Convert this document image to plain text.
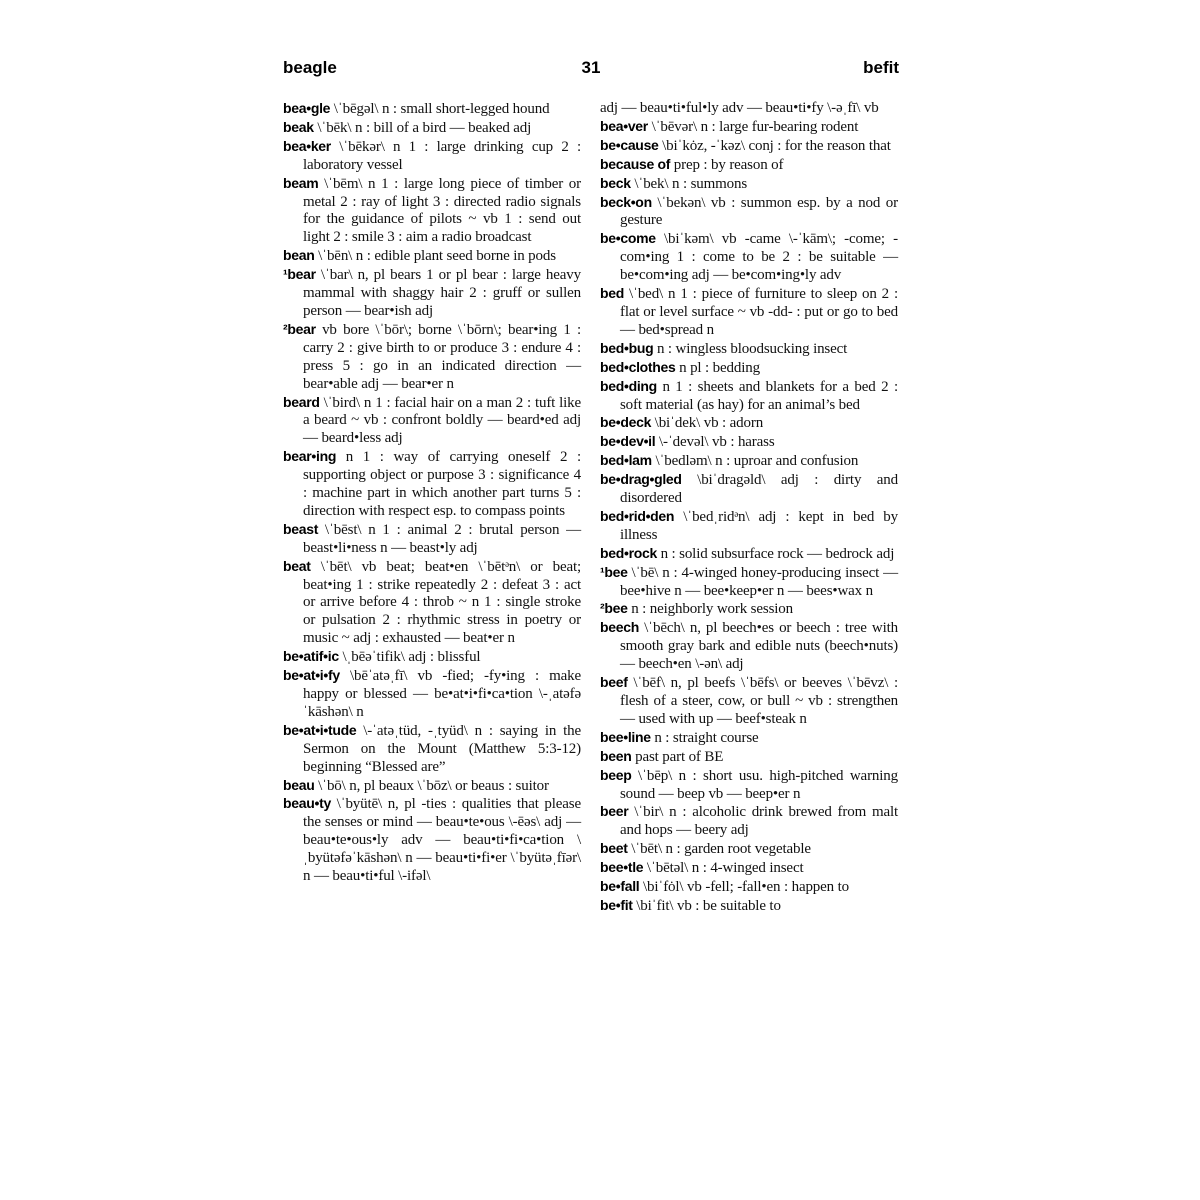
beagle	31	befit

bea•gle \ˈbēgəl\ n : small short-legged hound

beak \ˈbēk\ n : bill of a bird — beaked adj

bea•ker \ˈbēkər\ n 1 : large drinking cup 2 : laboratory vessel

beam \ˈbēm\ n 1 : large long piece of timber or metal 2 : ray of light 3 : directed radio signals for the guidance of pilots ~ vb 1 : send out light 2 : smile 3 : aim a radio broadcast

bean \ˈbēn\ n : edible plant seed borne in pods

¹bear \ˈbar\ n, pl bears 1 or pl bear : large heavy mammal with shaggy hair 2 : gruff or sullen person — bear•ish adj

²bear vb bore \ˈbōr\; borne \ˈbōrn\; bear•ing 1 : carry 2 : give birth to or produce 3 : endure 4 : press 5 : go in an indicated direction — bear•able adj — bear•er n

beard \ˈbird\ n 1 : facial hair on a man 2 : tuft like a beard ~ vb : confront boldly — beard•ed adj — beard•less adj

bear•ing n 1 : way of carrying oneself 2 : supporting object or purpose 3 : significance 4 : machine part in which another part turns 5 : direction with respect esp. to compass points

beast \ˈbēst\ n 1 : animal 2 : brutal person — beast•li•ness n — beast•ly adj

beat \ˈbēt\ vb beat; beat•en \ˈbētᵊn\ or beat; beat•ing 1 : strike repeatedly 2 : defeat 3 : act or arrive before 4 : throb ~ n 1 : single stroke or pulsation 2 : rhythmic stress in poetry or music ~ adj : exhausted — beat•er n

be•atif•ic \ˌbēəˈtifik\ adj : blissful

be•at•i•fy \bēˈatəˌfī\ vb -fied; -fy•ing : make happy or blessed — be•at•i•fi•ca•tion \-ˌatəfəˈkāshən\ n

be•at•i•tude \-ˈatəˌtüd, -ˌtyüd\ n : saying in the Sermon on the Mount (Matthew 5:3-12) beginning “Blessed are”

beau \ˈbō\ n, pl beaux \ˈbōz\ or beaus : suitor

beau•ty \ˈbyütē\ n, pl -ties : qualities that please the senses or mind — beau•te•ous \-ēəs\ adj — beau•te•ous•ly adv — beau•ti•fi•ca•tion \ˌbyütəfəˈkāshən\ n — beau•ti•fi•er \ˈbyütəˌfīər\ n — beau•ti•ful \-ifəl\

adj — beau•ti•ful•ly adv — beau•ti•fy \-əˌfī\ vb

bea•ver \ˈbēvər\ n : large fur-bearing rodent

be•cause \biˈkȯz, -ˈkəz\ conj : for the reason that

because of prep : by reason of

beck \ˈbek\ n : summons

beck•on \ˈbekən\ vb : summon esp. by a nod or gesture

be•come \biˈkəm\ vb -came \-ˈkām\; -come; -com•ing 1 : come to be 2 : be suitable — be•com•ing adj — be•com•ing•ly adv

bed \ˈbed\ n 1 : piece of furniture to sleep on 2 : flat or level surface ~ vb -dd- : put or go to bed — bed•spread n

bed•bug n : wingless bloodsucking insect

bed•clothes n pl : bedding

bed•ding n 1 : sheets and blankets for a bed 2 : soft material (as hay) for an animal’s bed

be•deck \biˈdek\ vb : adorn

be•dev•il \-ˈdevəl\ vb : harass

bed•lam \ˈbedləm\ n : uproar and confusion

be•drag•gled \biˈdragəld\ adj : dirty and disordered

bed•rid•den \ˈbedˌridᵊn\ adj : kept in bed by illness

bed•rock n : solid subsurface rock — bedrock adj

¹bee \ˈbē\ n : 4-winged honey-producing insect — bee•hive n — bee•keep•er n — bees•wax n

²bee n : neighborly work session

beech \ˈbēch\ n, pl beech•es or beech : tree with smooth gray bark and edible nuts (beech•nuts) — beech•en \-ən\ adj

beef \ˈbēf\ n, pl beefs \ˈbēfs\ or beeves \ˈbēvz\ : flesh of a steer, cow, or bull ~ vb : strengthen — used with up — beef•steak n

bee•line n : straight course

been past part of BE

beep \ˈbēp\ n : short usu. high-pitched warning sound — beep vb — beep•er n

beer \ˈbir\ n : alcoholic drink brewed from malt and hops — beery adj

beet \ˈbēt\ n : garden root vegetable

bee•tle \ˈbētəl\ n : 4-winged insect

be•fall \biˈfȯl\ vb -fell; -fall•en : happen to

be•fit \biˈfit\ vb : be suitable to
